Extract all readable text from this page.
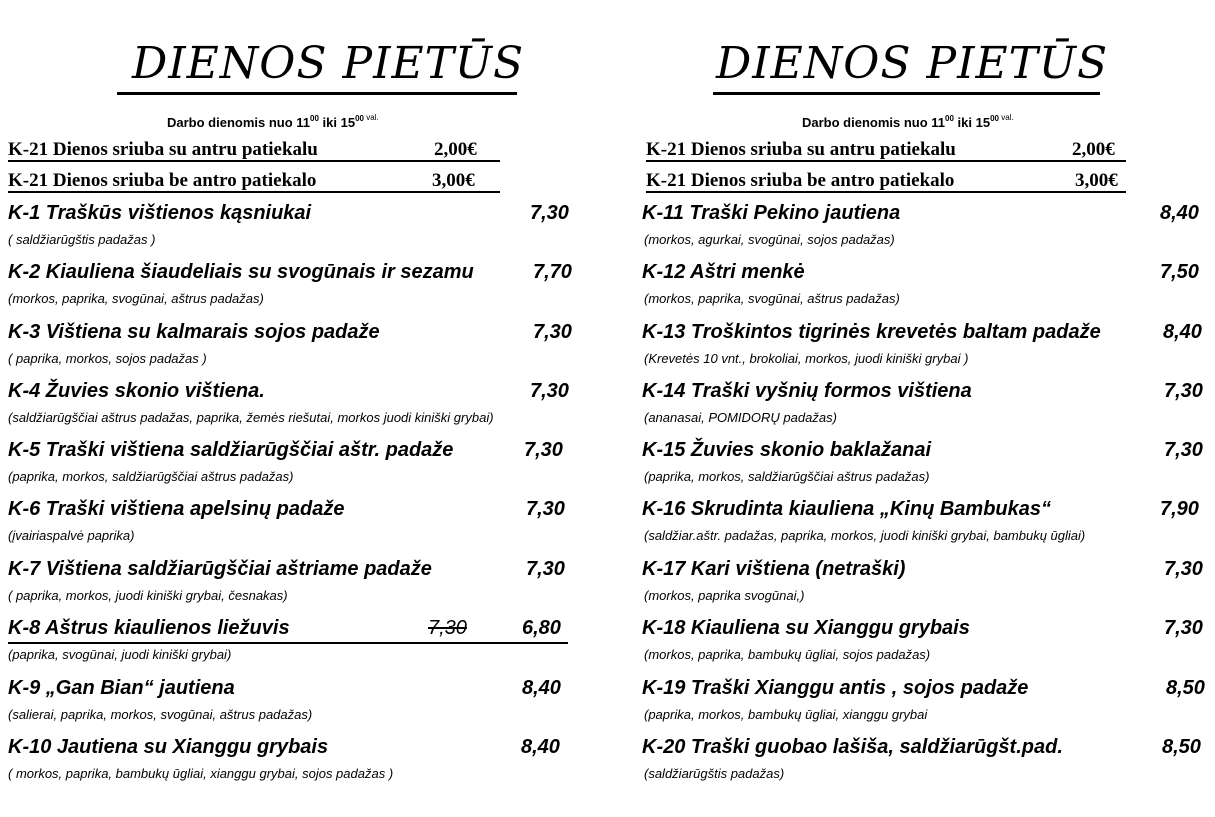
DIENOS PIETŪS

Darbo dienomis nuo $11^{00}$ iki $15^{00}$ $^{val.}$

K-21 Dienos sriuba su antru patiekalu	2,00€
K-21 Dienos sriuba be antro patiekalo	3,00€
K-1 Traškūs vištienos kąsniukai	7,30
( saldžiarūgštis padažas )
K-2 Kiauliena šiaudeliais su svogūnais ir sezamu	7,70
(morkos, paprika, svogūnai, aštrus padažas)
K-3 Vištiena su kalmarais sojos padaže	7,30
( paprika, morkos, sojos padažas )
K-4 Žuvies skonio vištiena.	7,30
(saldžiarūgščiai aštrus padažas, paprika, žemės riešutai, morkos juodi kiniški grybai)
K-5 Traški vištiena saldžiarūgščiai aštr. padaže	7,30
(paprika, morkos, saldžiarūgščiai aštrus padažas)
K-6 Traški vištiena apelsinų padaže	7,30
(įvairiaspalvė paprika)
K-7 Vištiena saldžiarūgščiai aštriame padaže	7,30
( paprika, morkos, juodi kiniški grybai, česnakas)
K-8 Aštrus kiaulienos liežuvis	7,30	6,80
(paprika, svogūnai, juodi kiniški grybai)
K-9 „Gan Bian“ jautiena	8,40
(salierai, paprika, morkos, svogūnai, aštrus padažas)
K-10 Jautiena su Xianggu grybais	8,40
( morkos, paprika, bambukų ūgliai, xianggu grybai, sojos padažas )
DIENOS PIETŪS

Darbo dienomis nuo $11^{00}$ iki $15^{00}$ $^{val.}$

K-21 Dienos sriuba su antru patiekalu	2,00€
K-21 Dienos sriuba be antro patiekalo	3,00€
K-11 Traški Pekino jautiena	8,40
(morkos, agurkai, svogūnai, sojos padažas)
K-12 Aštri menkė	7,50
(morkos, paprika, svogūnai, aštrus padažas)
K-13 Troškintos tigrinės krevetės baltam padaže	8,40
(Krevetės 10 vnt., brokoliai, morkos, juodi kiniški grybai )
K-14 Traški vyšnių formos vištiena	7,30
(ananasai, POMIDORŲ padažas)
K-15 Žuvies skonio baklažanai	7,30
(paprika, morkos, saldžiarūgščiai aštrus padažas)
K-16 Skrudinta kiauliena „Kinų Bambukas“	7,90
(saldžiar.aštr. padažas, paprika, morkos, juodi kiniški grybai, bambukų ūgliai)
K-17 Kari vištiena (netraški)	7,30
(morkos, paprika svogūnai,)
K-18 Kiauliena su Xianggu grybais	7,30
(morkos, paprika, bambukų ūgliai, sojos padažas)
K-19 Traški Xianggu antis , sojos padaže	8,50
(paprika, morkos, bambukų ūgliai, xianggu grybai
K-20 Traški guobao lašiša, saldžiarūgšt.pad.	8,50
(saldžiarūgštis padažas)
